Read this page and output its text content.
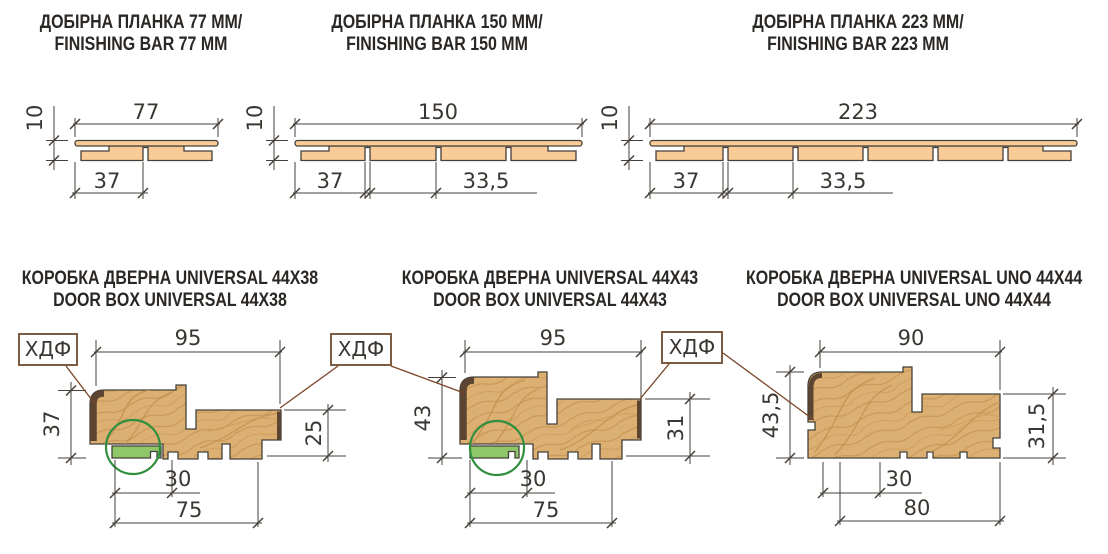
ДОБІРНА ПЛАНКА 77 ММ/
FINISHING BAR 77 MM
ДОБІРНА ПЛАНКА 150 ММ/
FINISHING BAR 150 MM
ДОБІРНА ПЛАНКА 223 ММ/
FINISHING BAR 223 MM
КОРОБКА ДВЕРНА UNIVERSAL 44X38
DOOR BOX UNIVERSAL 44X38
КОРОБКА ДВЕРНА UNIVERSAL 44X43
DOOR BOX UNIVERSAL 44X43
КОРОБКА ДВЕРНА UNIVERSAL UNO 44X44
DOOR BOX UNIVERSAL UNO 44X44
ХДФ	ХДФ	ХДФ
77
10
37
150
10
37	33,5
223
10
37	33,5
95
37	25
30
75
95
43	31
30
75
90
43,5	31,5
30
80
